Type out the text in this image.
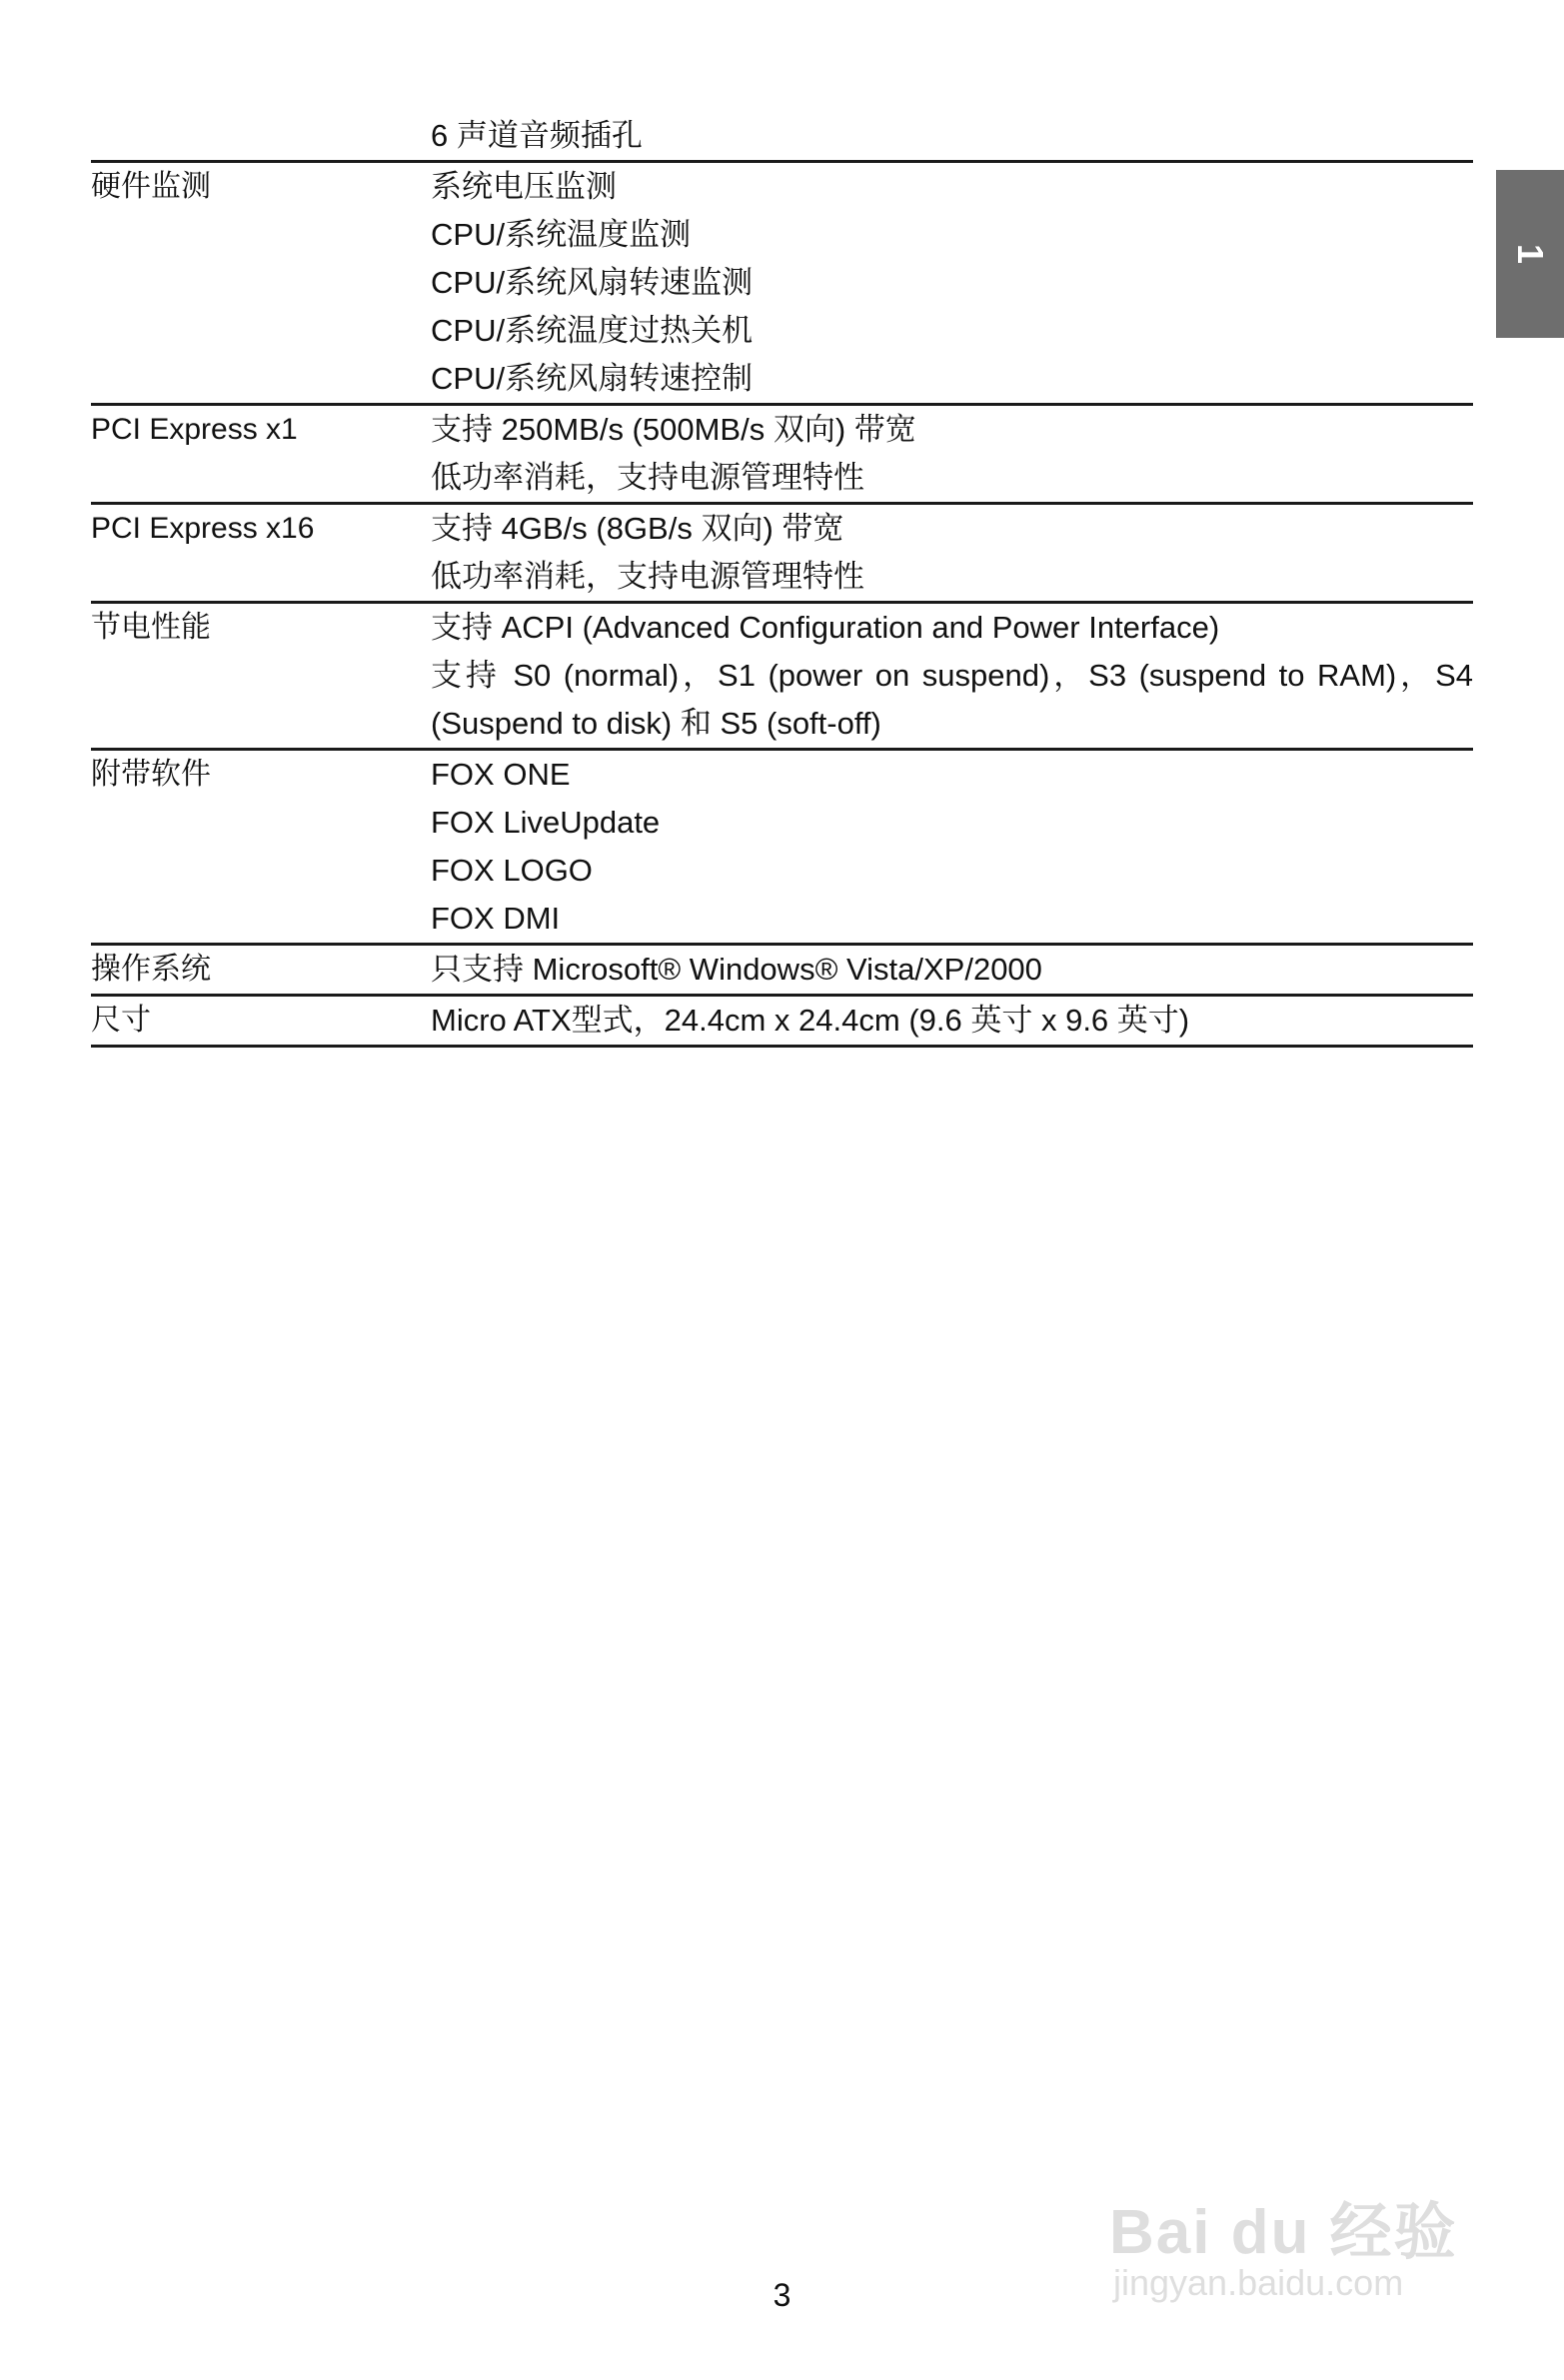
1
6 声道音频插孔
硬件监测	系统电压监测
CPU/系统温度监测
CPU/系统风扇转速监测
CPU/系统温度过热关机
CPU/系统风扇转速控制
PCI Express x1	支持 250MB/s (500MB/s 双向) 带宽
低功率消耗，支持电源管理特性
PCI Express x16	支持 4GB/s (8GB/s 双向) 带宽
低功率消耗，支持电源管理特性
节电性能	支持 ACPI (Advanced Configuration and Power Interface)
支持 S0 (normal)，S1 (power on suspend)，S3 (suspend to RAM)，S4 (Suspend to disk) 和 S5 (soft-off)
附带软件	FOX ONE
FOX LiveUpdate
FOX LOGO
FOX DMI
操作系统	只支持 Microsoft® Windows® Vista/XP/2000
尺寸	Micro ATX型式，24.4cm x 24.4cm (9.6 英寸 x 9.6 英寸)
3
Bai du 经验
jingyan.baidu.com
